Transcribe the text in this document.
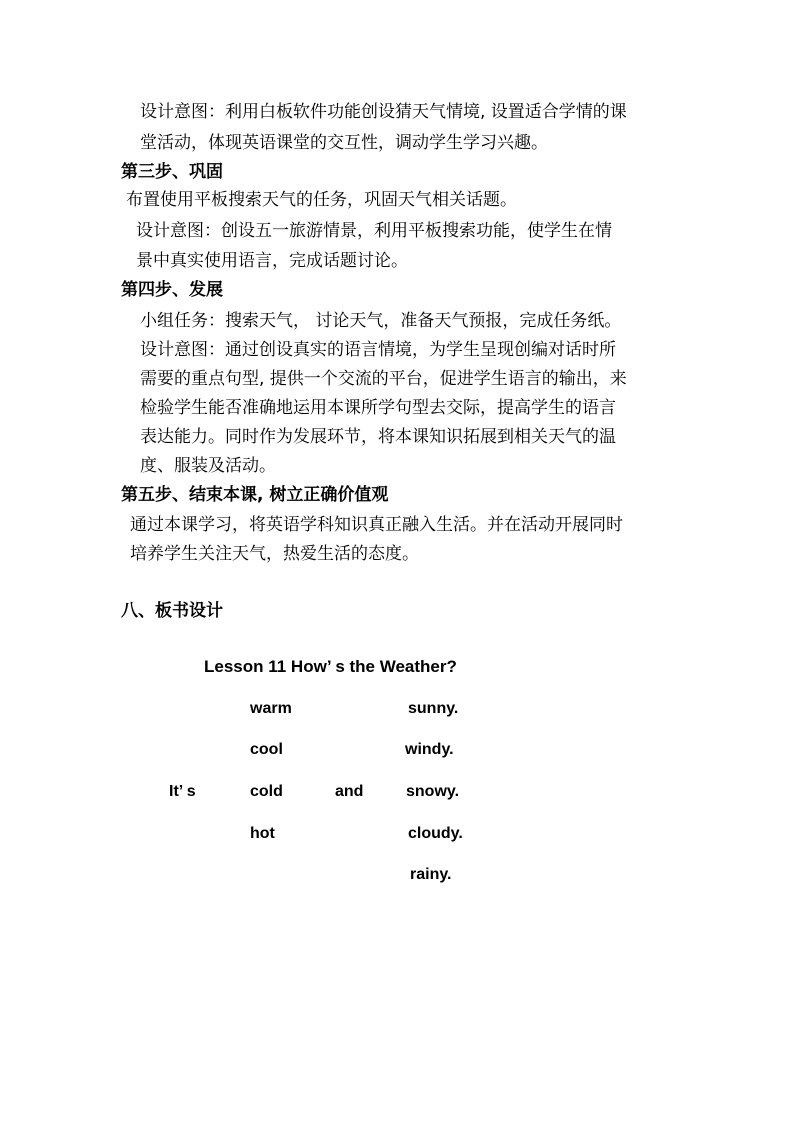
设计意图：利用白板软件功能创设猜天气情境, 设置适合学情的课
堂活动，体现英语课堂的交互性，调动学生学习兴趣。
第三步、巩固
布置使用平板搜索天气的任务，巩固天气相关话题。
设计意图：创设五一旅游情景，利用平板搜索功能，使学生在情
景中真实使用语言，完成话题讨论。
第四步、发展
小组任务：搜索天气， 讨论天气，准备天气预报，完成任务纸。
设计意图：通过创设真实的语言情境，为学生呈现创编对话时所
需要的重点句型, 提供一个交流的平台，促进学生语言的输出，来
检验学生能否准确地运用本课所学句型去交际，提高学生的语言
表达能力。同时作为发展环节，将本课知识拓展到相关天气的温
度、服装及活动。
第五步、结束本课, 树立正确价值观
通过本课学习，将英语学科知识真正融入生活。并在活动开展同时
培养学生关注天气，热爱生活的态度。
八、板书设计
Lesson 11 How’ s the Weather?
warm
cool
cold
hot
It’ s	and
sunny.
windy.
snowy.
cloudy.
rainy.
